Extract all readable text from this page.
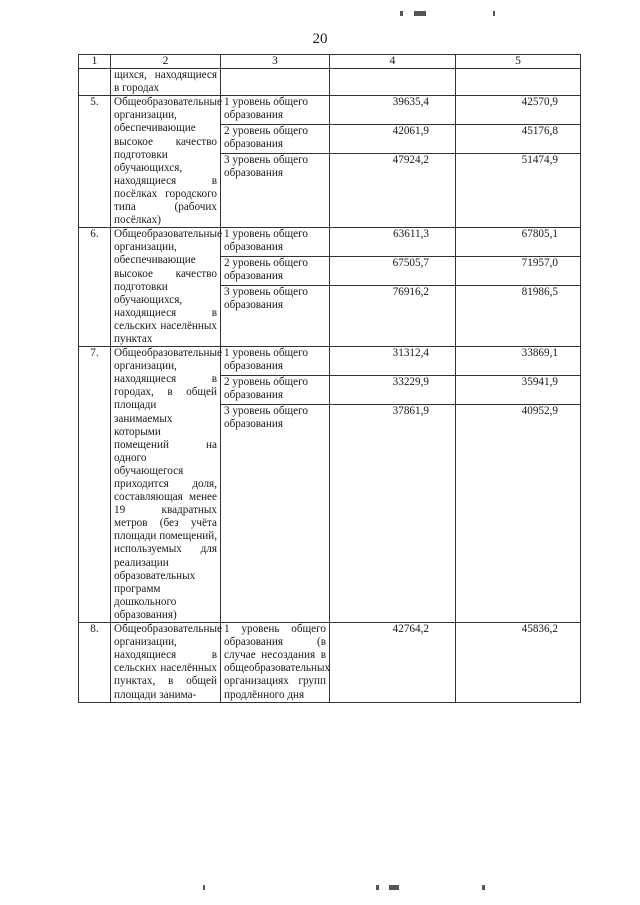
20
1	2	3	4	5
	щихся, находящиеся в городах			
5.	Общеобразовательные организации, обеспечивающие высокое качество подготовки обучающихся, находящиеся в посёлках городского типа (рабочих посёлках)	1 уровень общего образования	39635,4	42570,9
		2 уровень общего образования	42061,9	45176,8
		3 уровень общего образования	47924,2	51474,9
6.	Общеобразовательные организации, обеспечивающие высокое качество подготовки обучающихся, находящиеся в сельских населённых пунктах	1 уровень общего образования	63611,3	67805,1
		2 уровень общего образования	67505,7	71957,0
		3 уровень общего образования	76916,2	81986,5
7.	Общеобразовательные организации, находящиеся в городах, в общей площади занимаемых которыми помещений на одного обучающегося приходится доля, составляющая менее 19 квадратных метров (без учёта площади помещений, используемых для реализации образовательных программ дошкольного образования)	1 уровень общего образования	31312,4	33869,1
		2 уровень общего образования	33229,9	35941,9
		3 уровень общего образования	37861,9	40952,9
8.	Общеобразовательные организации, находящиеся в сельских населённых пунктах, в общей площади занима-	1 уровень общего образования (в случае несоздания в общеобразовательных организациях групп продлённого дня	42764,2	45836,2
